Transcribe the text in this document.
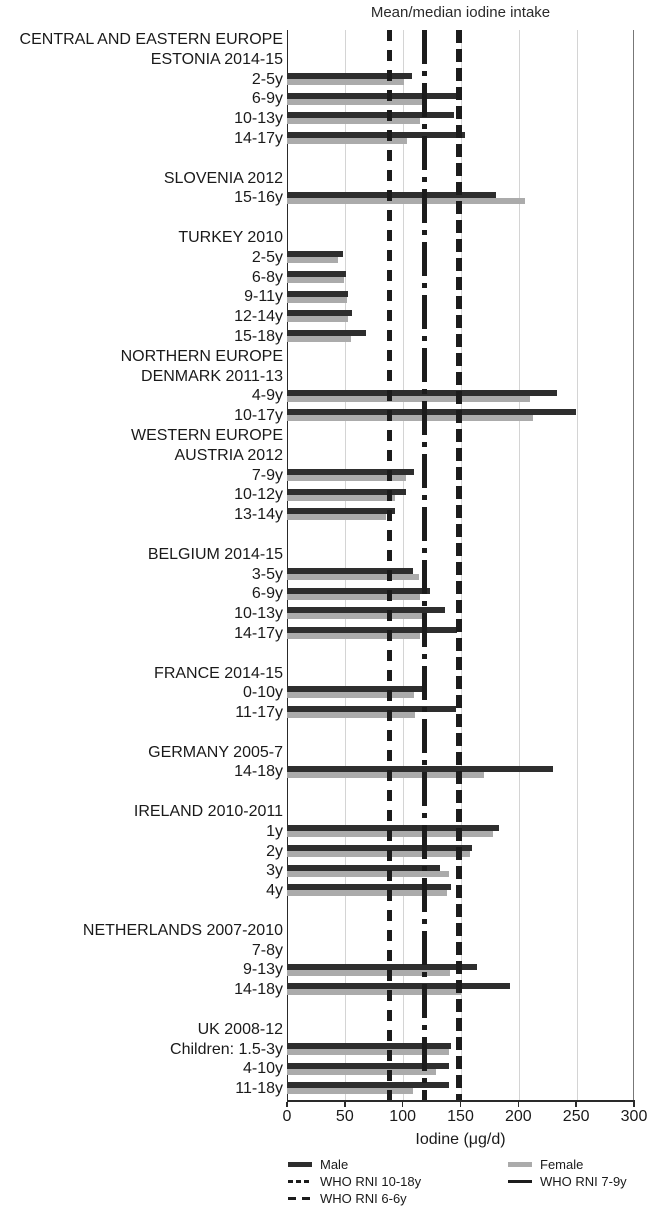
Mean/median iodine intake
CENTRAL AND EASTERN EUROPE
ESTONIA 2014-15
2-5y
6-9y
10-13y
14-17y
SLOVENIA 2012
15-16y
TURKEY 2010
2-5y
6-8y
9-11y
12-14y
15-18y
NORTHERN EUROPE
DENMARK 2011-13
4-9y
10-17y
WESTERN EUROPE
AUSTRIA 2012
7-9y
10-12y
13-14y
BELGIUM 2014-15
3-5y
6-9y
10-13y
14-17y
FRANCE 2014-15
0-10y
11-17y
GERMANY 2005-7
14-18y
IRELAND 2010-2011
1y
2y
3y
4y
NETHERLANDS 2007-2010
7-8y
9-13y
14-18y
UK 2008-12
Children: 1.5-3y
4-10y
11-18y
0	50 100 150 200 250 300
Iodine (μg/d)
Male
WHO RNI 10-18y
WHO RNI 6-6y
Female
WHO RNI 7-9y
